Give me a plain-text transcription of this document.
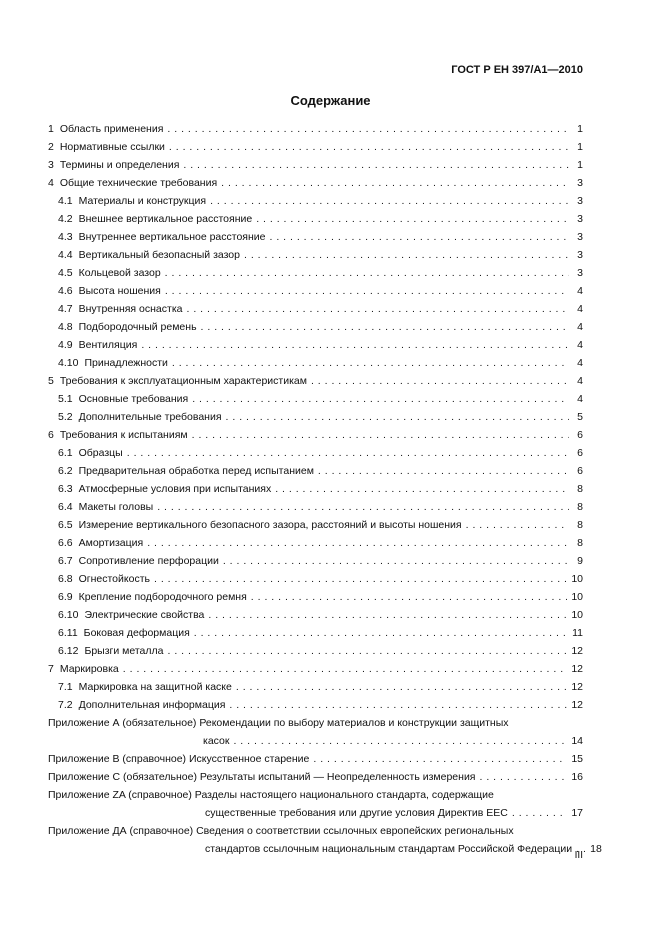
ГОСТ Р ЕН 397/А1—2010
Содержание
1 Область применения . . .	1
2 Нормативные ссылки . . .	1
3 Термины и определения . . .	1
4 Общие технические требования . . .	3
4.1 Материалы и конструкция . . .	3
4.2 Внешнее вертикальное расстояние . . .	3
4.3 Внутреннее вертикальное расстояние . . .	3
4.4 Вертикальный безопасный зазор . . .	3
4.5 Кольцевой зазор . . .	3
4.6 Высота ношения . . .	4
4.7 Внутренняя оснастка . . .	4
4.8 Подбородочный ремень . . .	4
4.9 Вентиляция . . .	4
4.10 Принадлежности . . .	4
5 Требования к эксплуатационным характеристикам . . .	4
5.1 Основные требования . . .	4
5.2 Дополнительные требования . . .	5
6 Требования к испытаниям . . .	6
6.1 Образцы . . .	6
6.2 Предварительная обработка перед испытанием . . .	6
6.3 Атмосферные условия при испытаниях . . .	8
6.4 Макеты головы . . .	8
6.5 Измерение вертикального безопасного зазора, расстояний и высоты ношения . . .	8
6.6 Амортизация . . .	8
6.7 Сопротивление перфорации . . .	9
6.8 Огнестойкость . . .	10
6.9 Крепление подбородочного ремня . . .	10
6.10 Электрические свойства . . .	10
6.11 Боковая деформация . . .	11
6.12 Брызги металла . . .	12
7 Маркировка . . .	12
7.1 Маркировка на защитной каске . . .	12
7.2 Дополнительная информация . . .	12
Приложение А (обязательное) Рекомендации по выбору материалов и конструкции защитных
касок . . .	14
Приложение В (справочное) Искусственное старение . . .	15
Приложение С (обязательное) Результаты испытаний — Неопределенность измерения . . .	16
Приложение ZA (справочное) Разделы настоящего национального стандарта, содержащие
существенные требования или другие условия Директив ЕЕС . . .	17
Приложение ДА (справочное) Сведения о соответствии ссылочных европейских региональных
стандартов ссылочным национальным стандартам Российской Федерации . . . 18
III
